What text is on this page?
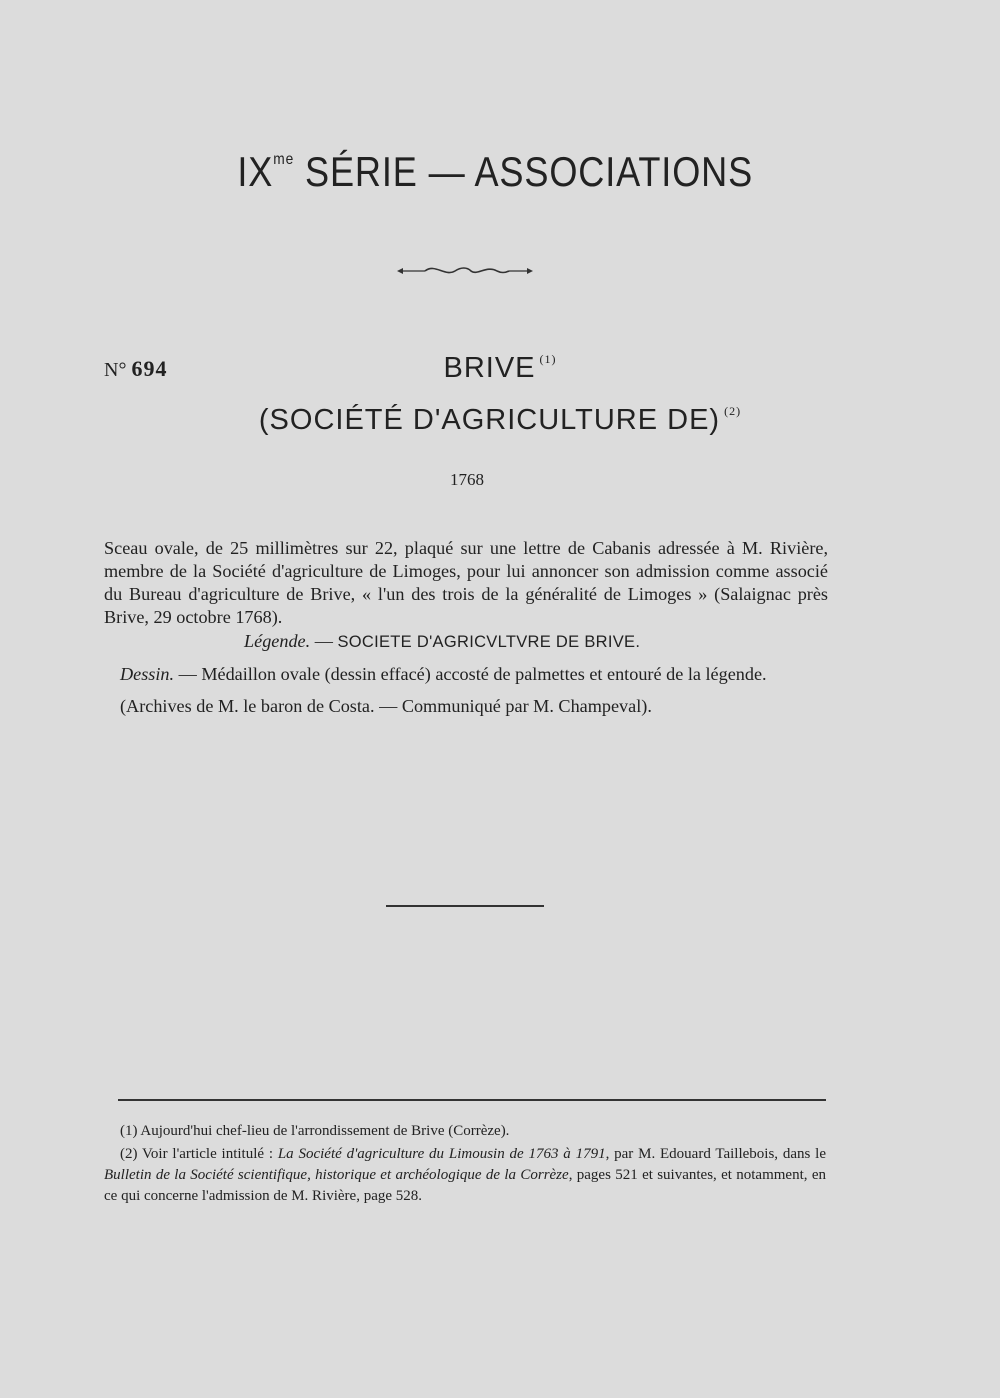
$IX^{me}$ SÉRIE — ASSOCIATIONS
N° 694	BRIVE $^{(1)}$
(SOCIÉTÉ D'AGRICULTURE DE) $^{(2)}$
1768

Sceau ovale, de 25 millimètres sur 22, plaqué sur une lettre de Cabanis adressée à M. Rivière, membre de la Société d'agriculture de Limoges, pour lui annoncer son admission comme associé du Bureau d'agriculture de Brive, « l'un des trois de la généralité de Limoges » (Salaignac près Brive, 29 octobre 1768).

Légende. — SOCIETE D'AGRICVLTVRE DE BRIVE.

Dessin. — Médaillon ovale (dessin effacé) accosté de palmettes et entouré de la légende.

(Archives de M. le baron de Costa. — Communiqué par M. Champeval).

(1) Aujourd'hui chef-lieu de l'arrondissement de Brive (Corrèze).

(2) Voir l'article intitulé : La Société d'agriculture du Limousin de 1763 à 1791, par M. Edouard Taillebois, dans le Bulletin de la Société scientifique, historique et archéologique de la Corrèze, pages 521 et suivantes, et notamment, en ce qui concerne l'admission de M. Rivière, page 528.
